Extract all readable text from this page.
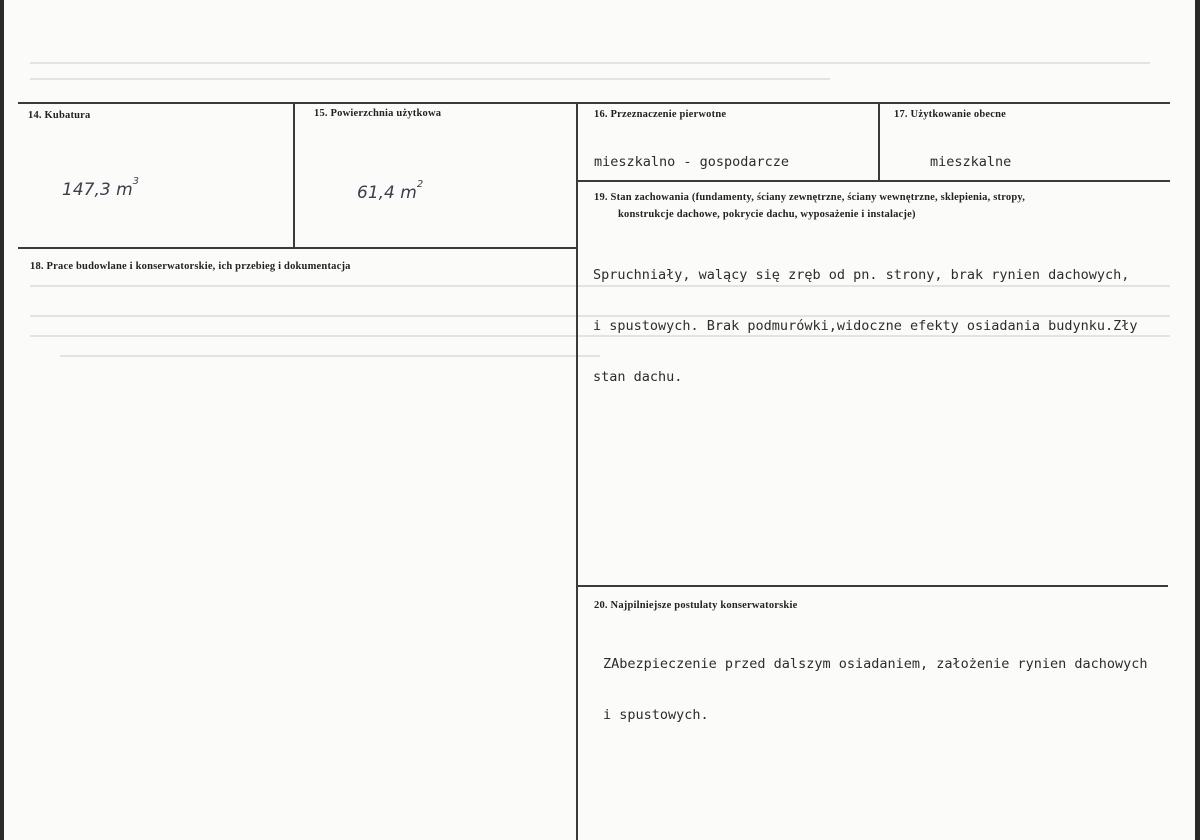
14. Kubatura
147,3 $m^3$
15. Powierzchnia użytkowa
61,4 $m^2$
16. Przeznaczenie pierwotne
mieszkalno - gospodarcze
17. Użytkowanie obecne
mieszkalne
18. Prace budowlane i konserwatorskie, ich przebieg i dokumentacja
19. Stan zachowania (fundamenty, ściany zewnętrzne, ściany wewnętrzne, sklepienia, stropy,
konstrukcje dachowe, pokrycie dachu, wyposażenie i instalacje)

Spruchniały, walący się zręb od pn. strony, brak rynien dachowych,

i spustowych. Brak podmurówki,widoczne efekty osiadania budynku.Zły

stan dachu.

20. Najpilniejsze postulaty konserwatorskie

ZAbezpieczenie przed dalszym osiadaniem, założenie rynien dachowych

i spustowych.
